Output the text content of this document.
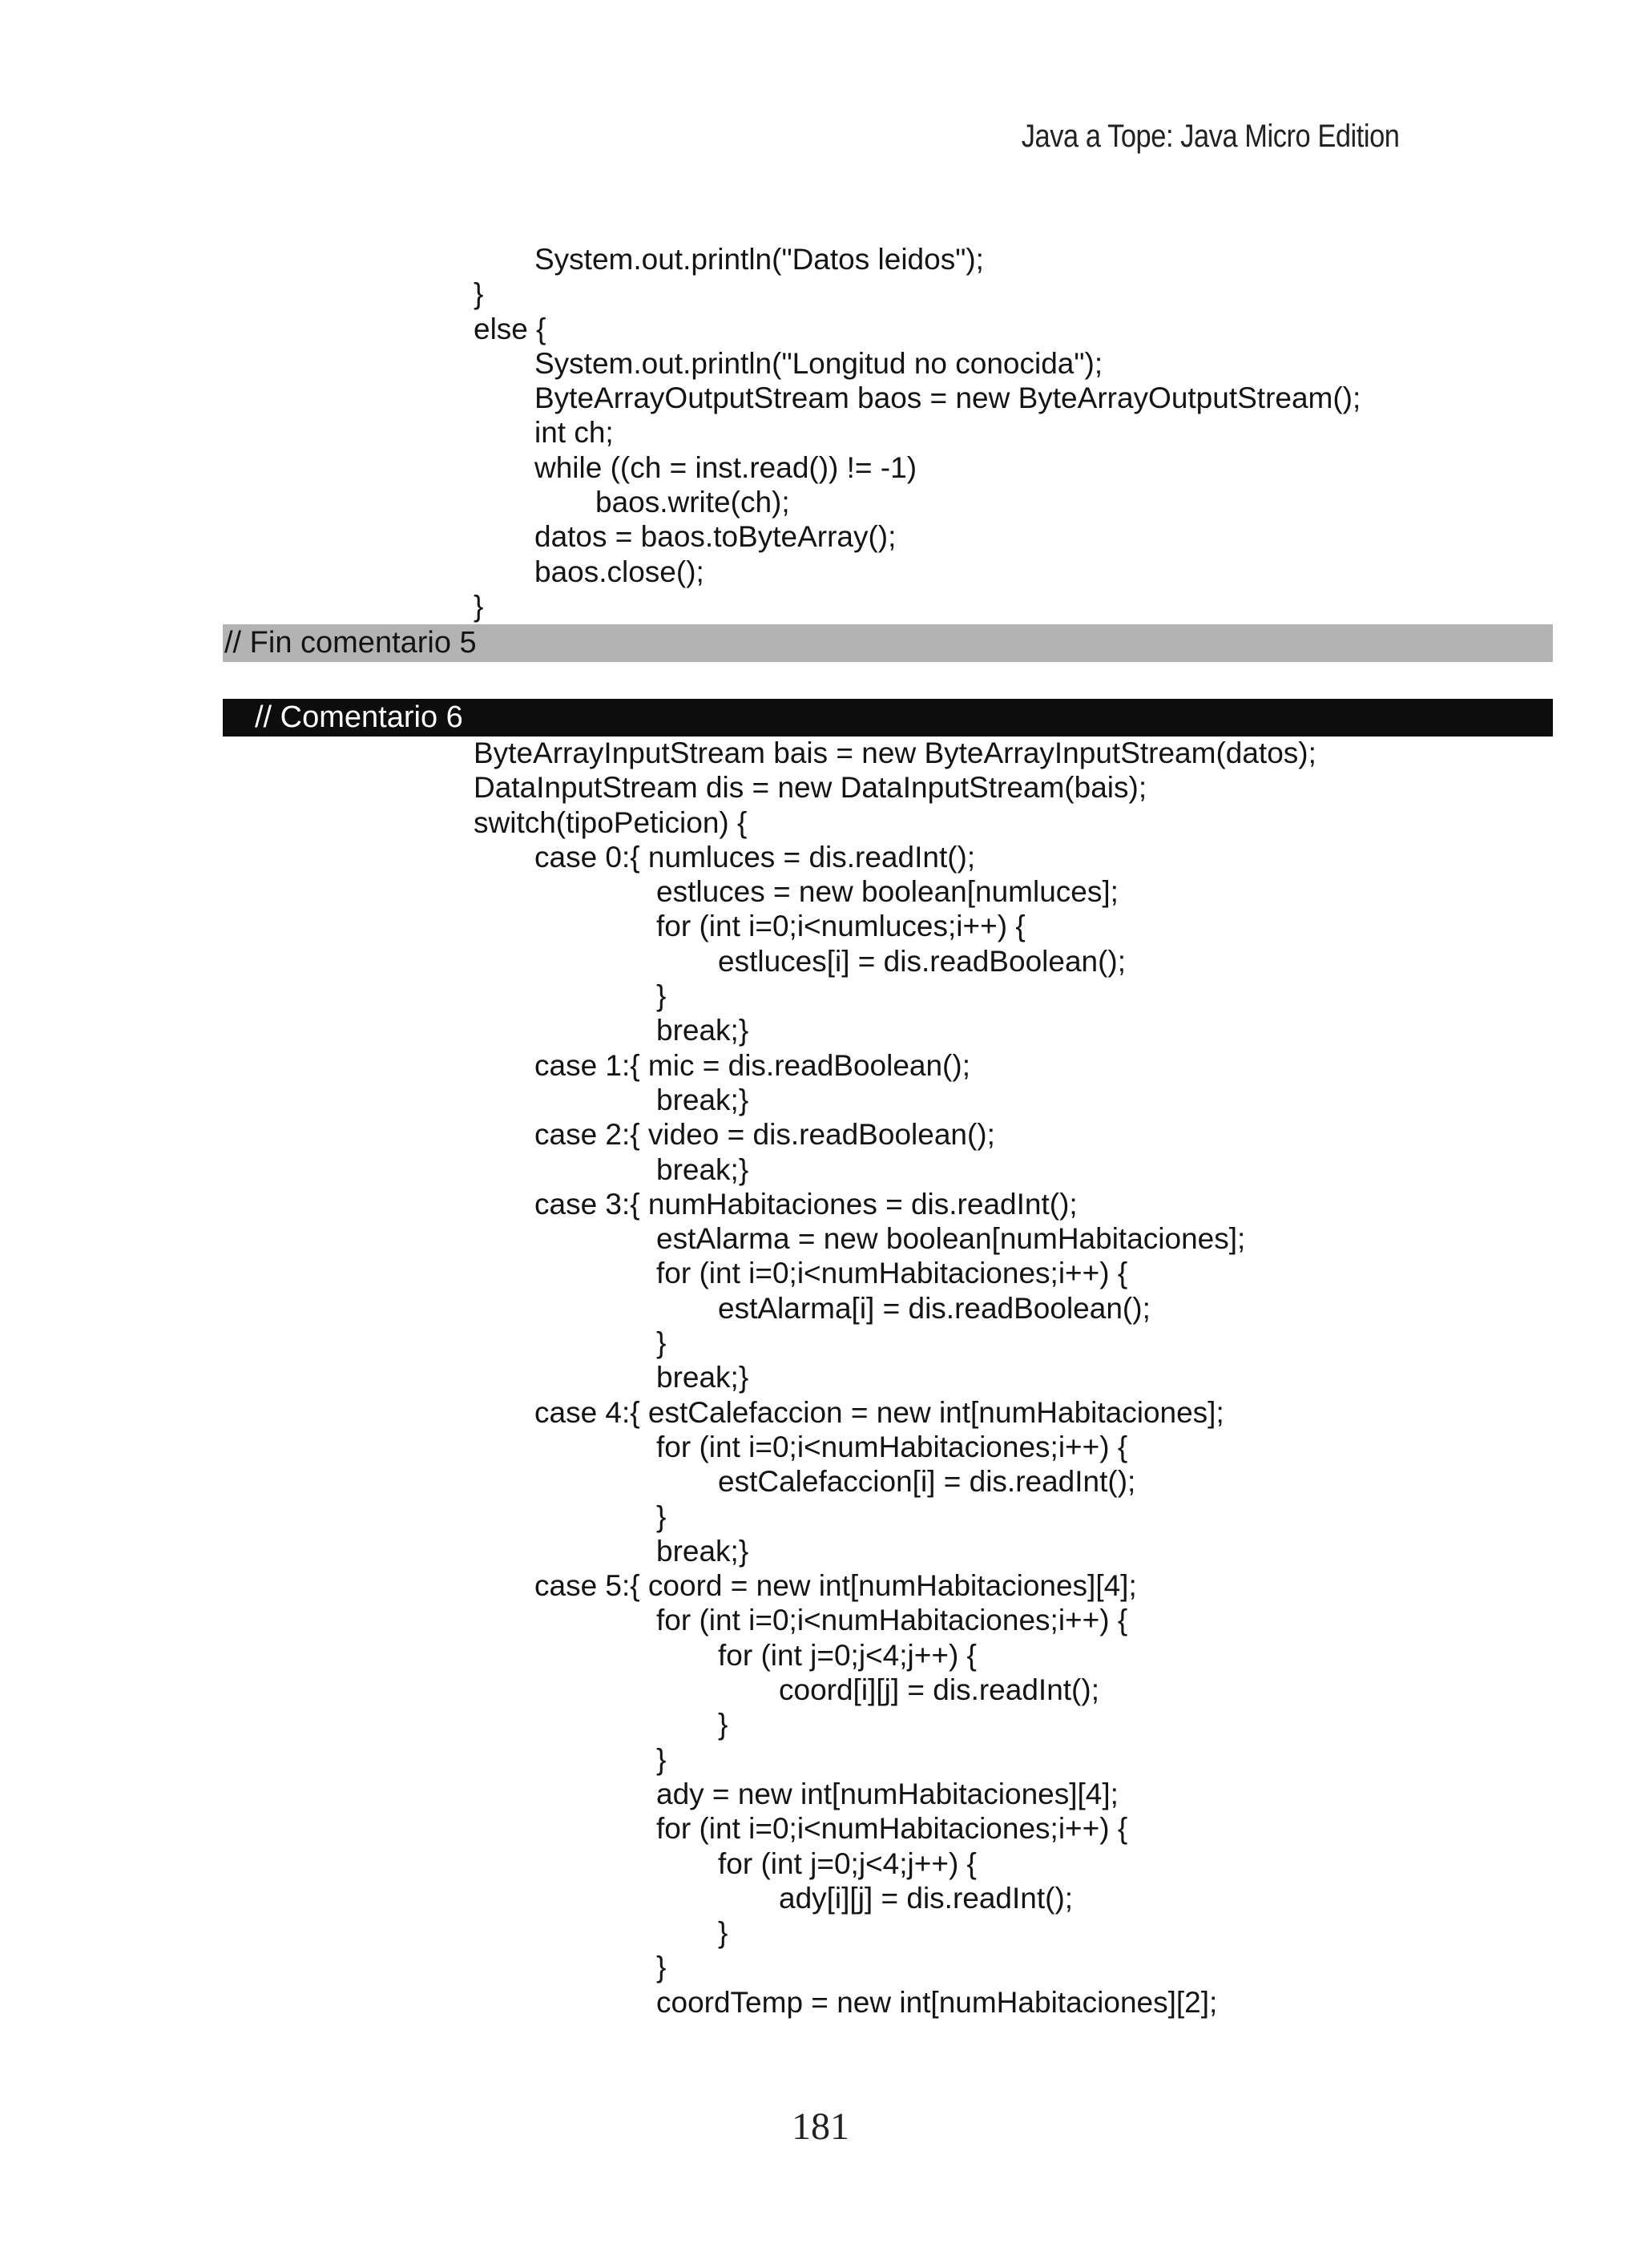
Java a Tope: Java Micro Edition
System.out.println("Datos leidos");
}
else {
System.out.println("Longitud no conocida");
ByteArrayOutputStream baos = new ByteArrayOutputStream();
int ch;
while ((ch = inst.read()) != -1)
baos.write(ch);
datos = baos.toByteArray();
baos.close();
}

// Fin comentario 5

// Comentario 6

ByteArrayInputStream bais = new ByteArrayInputStream(datos);
DataInputStream dis = new DataInputStream(bais);
switch(tipoPeticion) {
case 0:{ numluces = dis.readInt();
estluces = new boolean[numluces];
for (int i=0;i<numluces;i++) {
estluces[i] = dis.readBoolean();
}
break;}
case 1:{ mic = dis.readBoolean();
break;}
case 2:{ video = dis.readBoolean();
break;}
case 3:{ numHabitaciones = dis.readInt();
estAlarma = new boolean[numHabitaciones];
for (int i=0;i<numHabitaciones;i++) {
estAlarma[i] = dis.readBoolean();
}
break;}
case 4:{ estCalefaccion = new int[numHabitaciones];
for (int i=0;i<numHabitaciones;i++) {
estCalefaccion[i] = dis.readInt();
}
break;}
case 5:{ coord = new int[numHabitaciones][4];
for (int i=0;i<numHabitaciones;i++) {
for (int j=0;j<4;j++) {
coord[i][j] = dis.readInt();
}
}
ady = new int[numHabitaciones][4];
for (int i=0;i<numHabitaciones;i++) {
for (int j=0;j<4;j++) {
ady[i][j] = dis.readInt();
}
}
coordTemp = new int[numHabitaciones][2];
181
